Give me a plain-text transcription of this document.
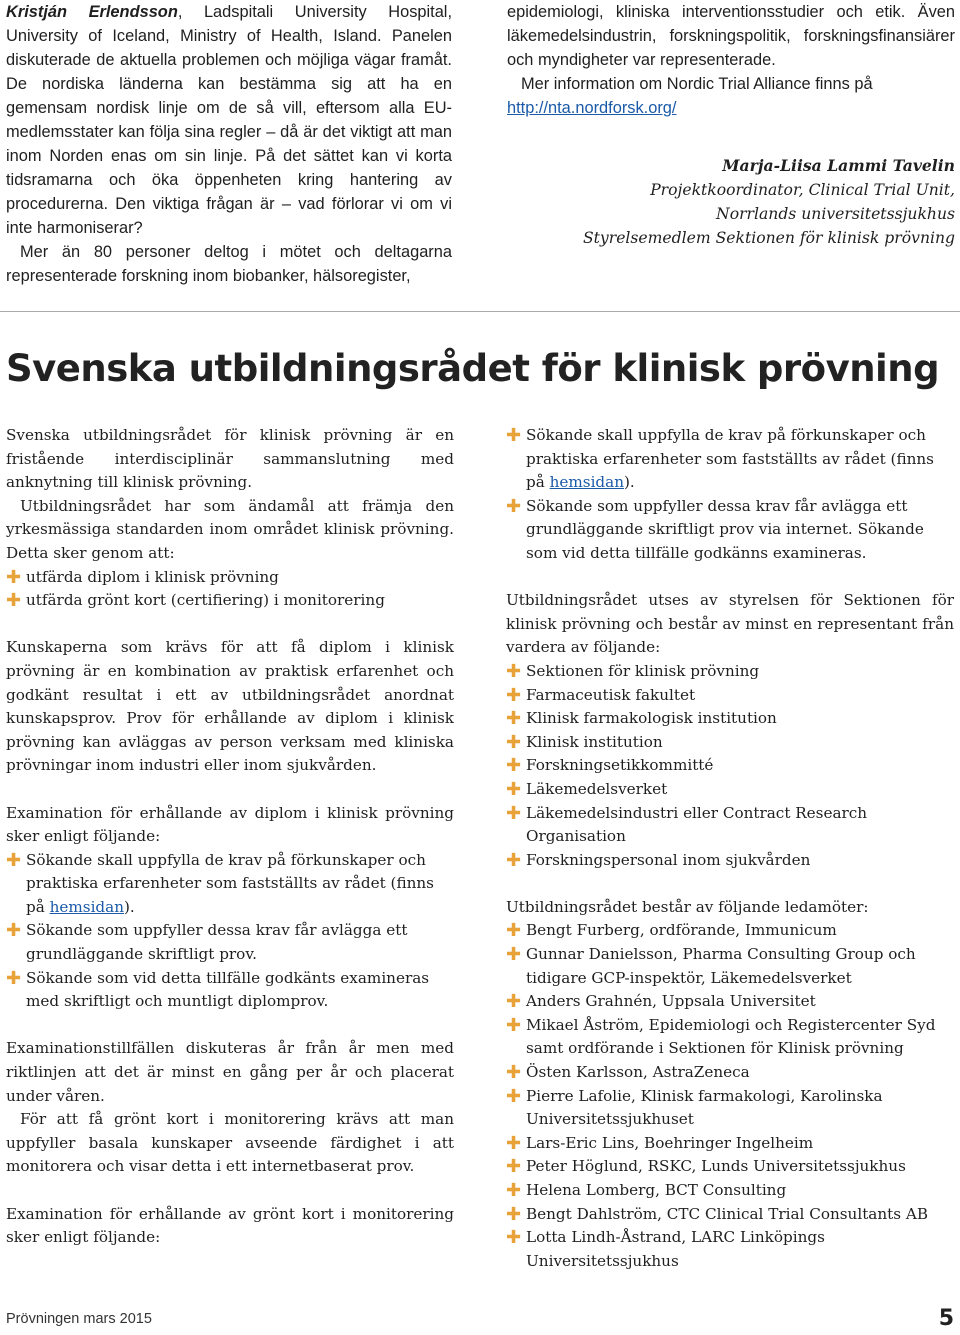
Kristján Erlendsson, Ladspitali University Hospital, University of Iceland, Ministry of Health, Island. Panelen diskuterade de aktuella problemen och möjliga vägar framåt. De nordiska länderna kan bestämma sig att ha en gemensam nordisk linje om de så vill, eftersom alla EU-medlemsstater kan följa sina regler – då är det viktigt att man inom Norden enas om sin linje. På det sättet kan vi korta tidsramarna och öka öppenheten kring hantering av procedurerna. Den viktiga frågan är – vad förlorar vi om vi inte harmoniserar?

Mer än 80 personer deltog i mötet och deltagarna representerade forskning inom biobanker, hälsoregister,

epidemiologi, kliniska interventionsstudier och etik. Även läkemedelsindustrin, forskningspolitik, forskningsfinansiärer och myndigheter var representerade.

Mer information om Nordic Trial Alliance finns på
http://nta.nordforsk.org/

Marja-Liisa Lammi Tavelin
Projektkoordinator, Clinical Trial Unit,
Norrlands universitetssjukhus
Styrelsemedlem Sektionen för klinisk prövning
Svenska utbildningsrådet för klinisk prövning

Svenska utbildningsrådet för klinisk prövning är en fristående interdisciplinär sammanslutning med anknytning till klinisk prövning.

Utbildningsrådet har som ändamål att främja den yrkesmässiga standarden inom området klinisk prövning. Detta sker genom att:

✚ utfärda diplom i klinisk prövning
✚ utfärda grönt kort (certifiering) i monitorering

Kunskaperna som krävs för att få diplom i klinisk prövning är en kombination av praktisk erfarenhet och godkänt resultat i ett av utbildningsrådet anordnat kunskapsprov. Prov för erhållande av diplom i klinisk prövning kan avläggas av person verksam med kliniska prövningar inom industri eller inom sjukvården.

Examination för erhållande av diplom i klinisk prövning sker enligt följande:

✚ Sökande skall uppfylla de krav på förkunskaper och praktiska erfarenheter som fastställts av rådet (finns på hemsidan).
✚ Sökande som uppfyller dessa krav får avlägga ett grundläggande skriftligt prov.
✚ Sökande som vid detta tillfälle godkänts examineras med skriftligt och muntligt diplomprov.

Examinationstillfällen diskuteras år från år men med riktlinjen att det är minst en gång per år och placerat under våren.

För att få grönt kort i monitorering krävs att man uppfyller basala kunskaper avseende färdighet i att monitorera och visar detta i ett internetbaserat prov.

Examination för erhållande av grönt kort i monitorering sker enligt följande:

✚ Sökande skall uppfylla de krav på förkunskaper och praktiska erfarenheter som fastställts av rådet (finns på hemsidan).
✚ Sökande som uppfyller dessa krav får avlägga ett grundläggande skriftligt prov via internet. Sökande som vid detta tillfälle godkänns examineras.

Utbildningsrådet utses av styrelsen för Sektionen för klinisk prövning och består av minst en representant från vardera av följande:

✚ Sektionen för klinisk prövning
✚ Farmaceutisk fakultet
✚ Klinisk farmakologisk institution
✚ Klinisk institution
✚ Forskningsetikkommitté
✚ Läkemedelsverket
✚ Läkemedelsindustri eller Contract Research Organisation
✚ Forskningspersonal inom sjukvården

Utbildningsrådet består av följande ledamöter:

✚ Bengt Furberg, ordförande, Immunicum
✚ Gunnar Danielsson, Pharma Consulting Group och tidigare GCP-inspektör, Läkemedelsverket
✚ Anders Grahnén, Uppsala Universitet
✚ Mikael Åström, Epidemiologi och Registercenter Syd samt ordförande i Sektionen för Klinisk prövning
✚ Östen Karlsson, AstraZeneca
✚ Pierre Lafolie, Klinisk farmakologi, Karolinska Universitetssjukhuset
✚ Lars-Eric Lins, Boehringer Ingelheim
✚ Peter Höglund, RSKC, Lunds Universitetssjukhus
✚ Helena Lomberg, BCT Consulting
✚ Bengt Dahlström, CTC Clinical Trial Consultants AB
✚ Lotta Lindh-Åstrand, LARC Linköpings Universitetssjukhus
Prövningen mars 2015	5
